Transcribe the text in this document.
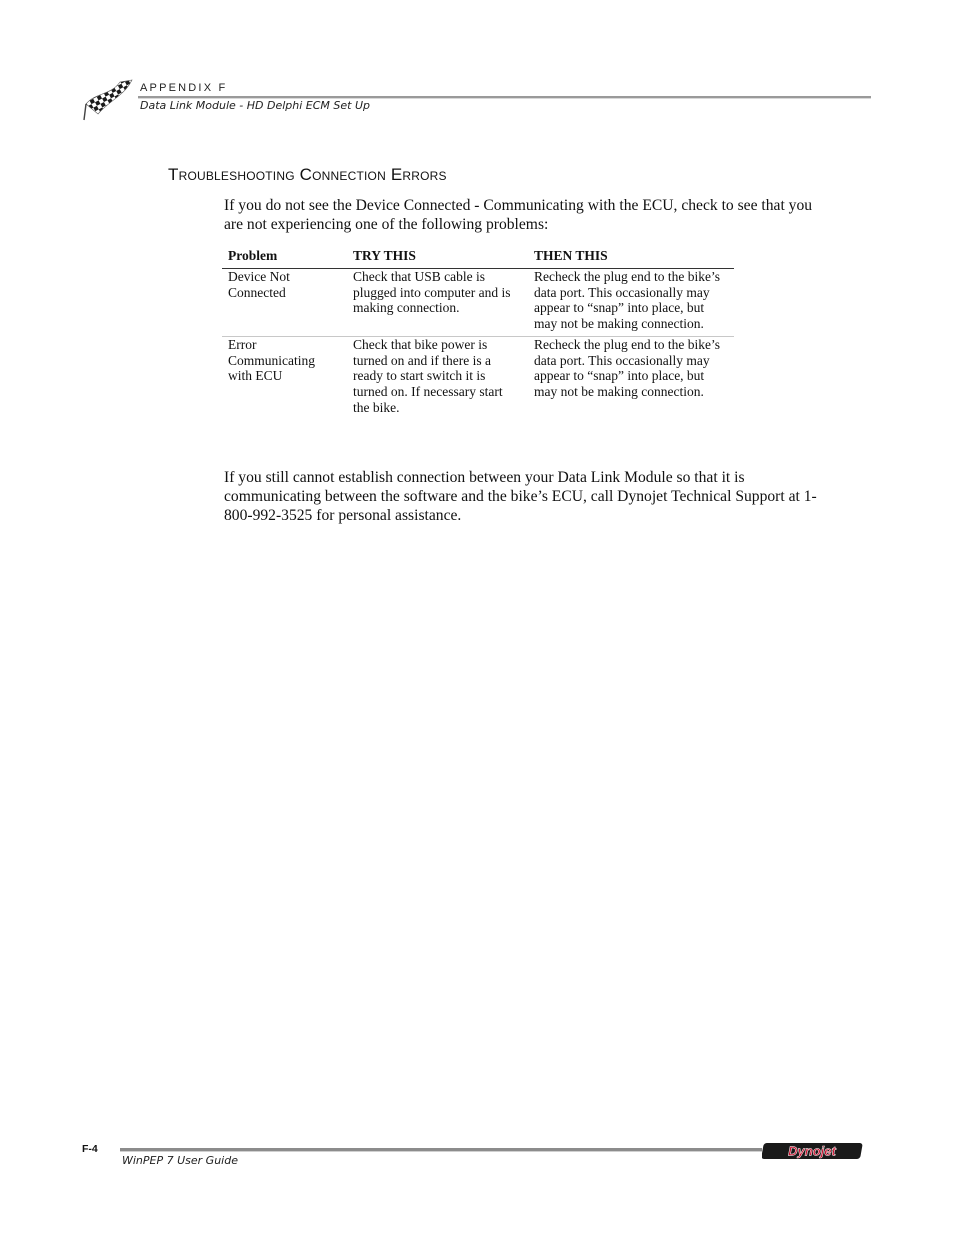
APPENDIX F
Data Link Module - HD Delphi ECM Set Up
Troubleshooting Connection Errors
If you do not see the Device Connected - Communicating with the ECU, check to see that you are not experiencing one of the following problems:
Problem	TRY THIS	THEN THIS
Device Not Connected	Check that USB cable is plugged into computer and is making connection.	Recheck the plug end to the bike’s data port. This occasionally may appear to “snap” into place, but may not be making connection.
Error Communicating with ECU	Check that bike power is turned on and if there is a ready to start switch it is turned on. If necessary start the bike.	Recheck the plug end to the bike’s data port. This occasionally may appear to “snap” into place, but may not be making connection.
If you still cannot establish connection between your Data Link Module so that it is communicating between the software and the bike’s ECU, call Dynojet Technical Support at 1-800-992-3525 for personal assistance.
F-4
WinPEP 7 User Guide
Dynojet
